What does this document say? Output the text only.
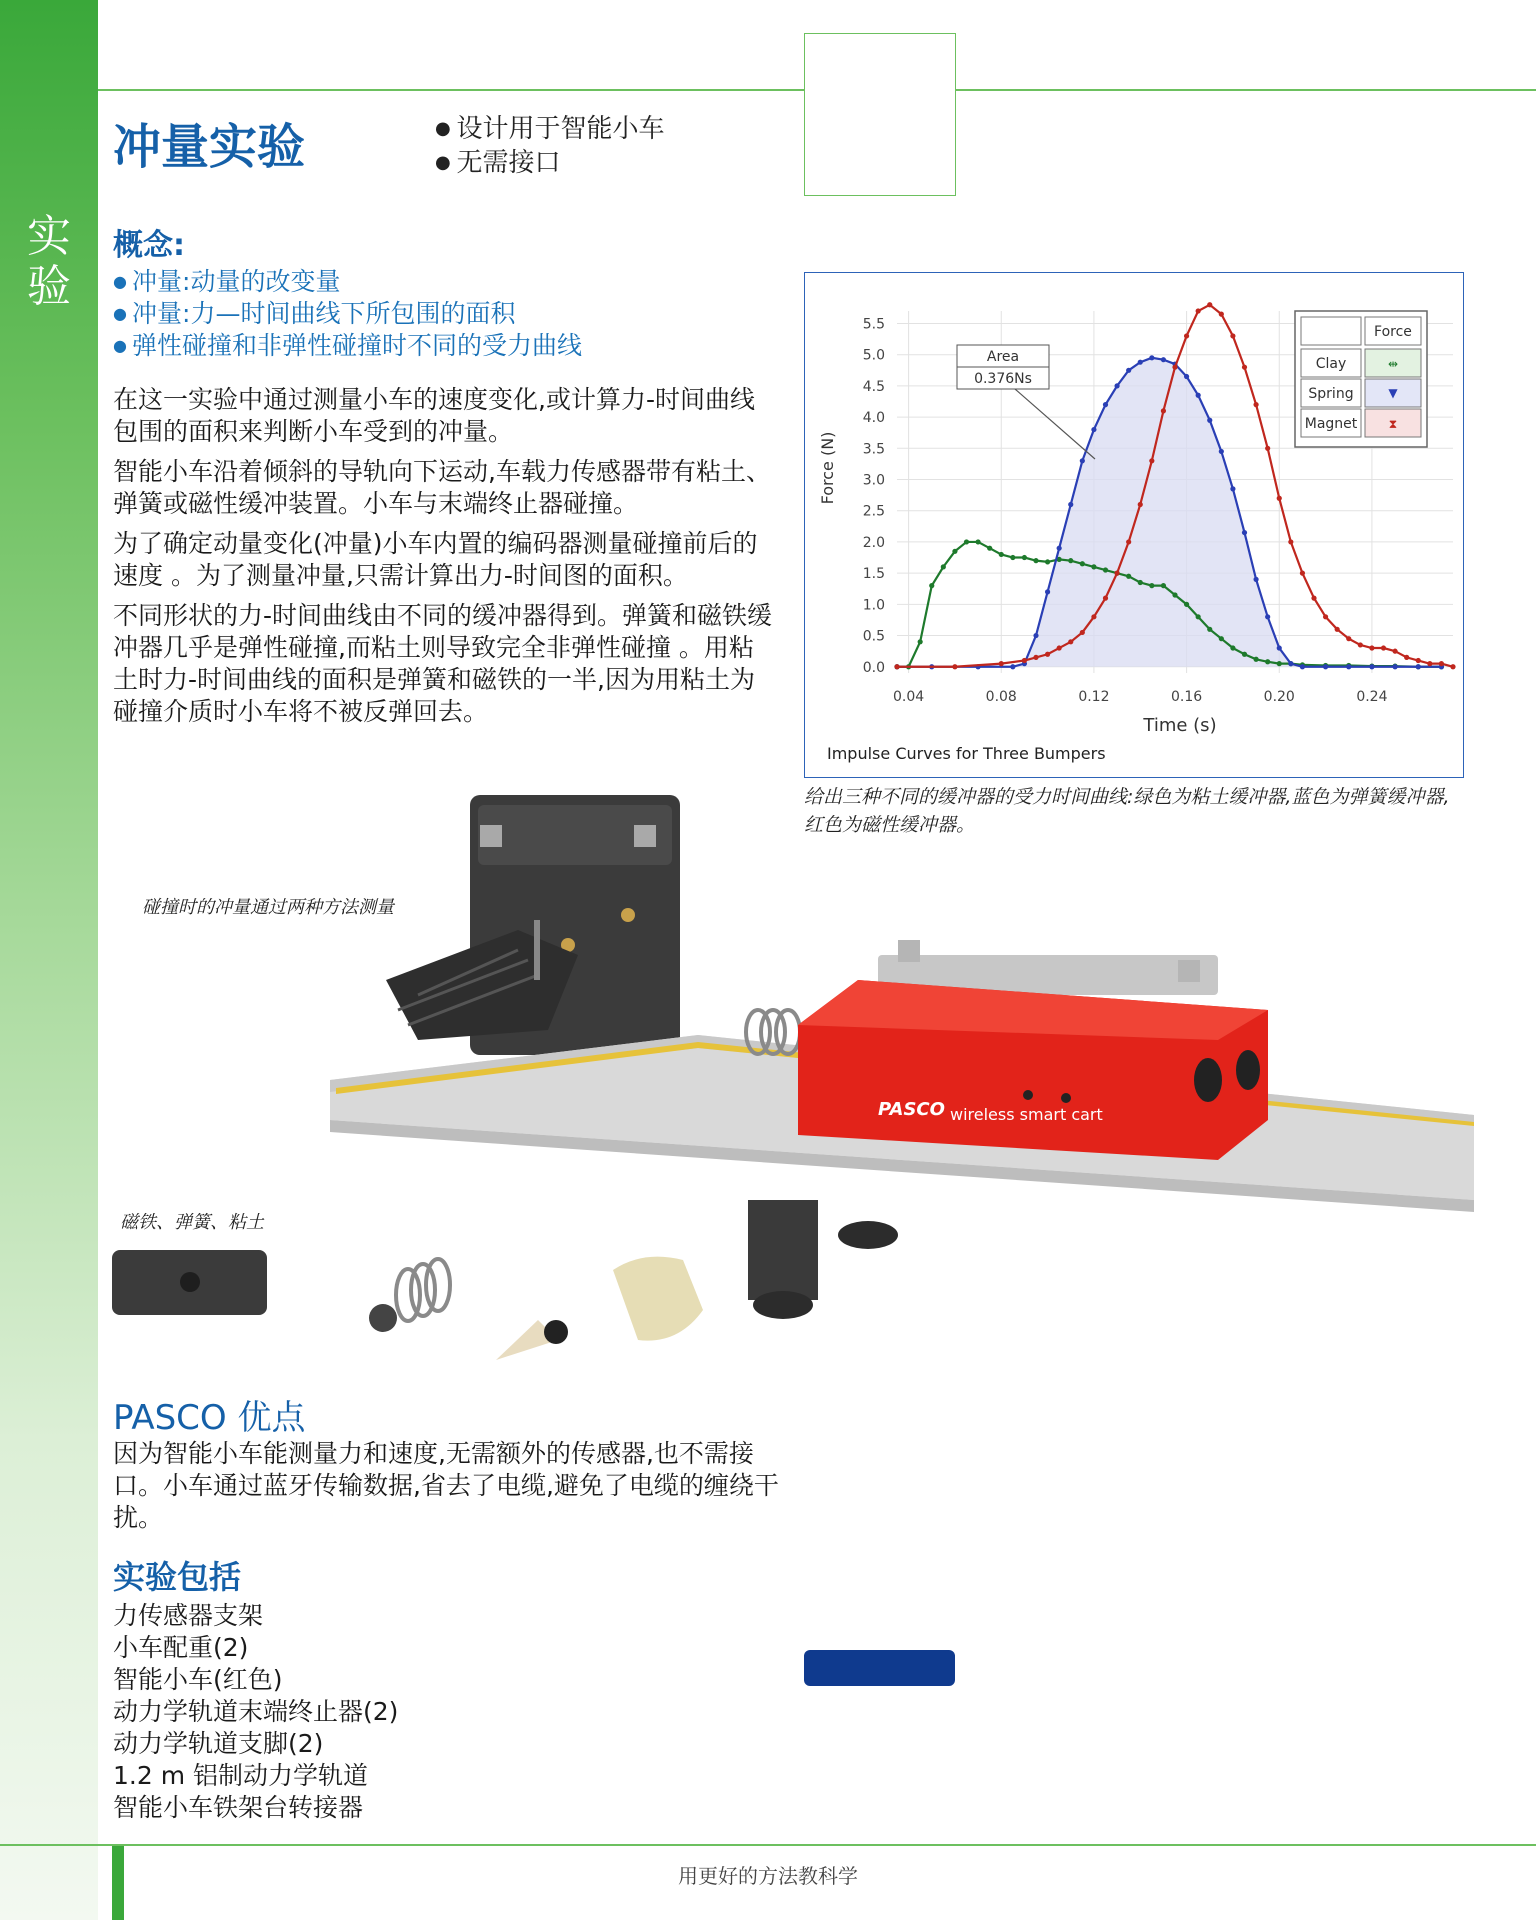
实验
冲量实验
●	设计用于智能小车
● 无需接口
概念:
● 冲量:动量的改变量
● 冲量:力—时间曲线下所包围的面积
● 弹性碰撞和非弹性碰撞时不同的受力曲线

在这一实验中通过测量小车的速度变化,或计算力-时间曲线包围的面积来判断小车受到的冲量。

智能小车沿着倾斜的导轨向下运动,车载力传感器带有粘土、弹簧或磁性缓冲装置。小车与末端终止器碰撞。

为了确定动量变化(冲量)小车内置的编码器测量碰撞前后的速度 。为了测量冲量,只需计算出力-时间图的面积。

不同形状的力-时间曲线由不同的缓冲器得到。弹簧和磁铁缓冲器几乎是弹性碰撞,而粘土则导致完全非弹性碰撞 。用粘土时力-时间曲线的面积是弹簧和磁铁的一半,因为用粘土为碰撞介质时小车将不被反弹回去。

0.0
0.5
1.0
1.5
2.0
2.5
3.0
3.5
4.0
4.5
5.0
5.5
0.04	0.08	0.12	0.16	0.20	0.24
Force (N)
Time (s)
Impulse Curves for Three Bumpers
Area
0.376Ns
Force
Clay	⇹
Spring	▼
Magnet	⧗
给出三种不同的缓冲器的受力时间曲线:绿色为粘土缓冲器,蓝色为弹簧缓冲器,红色为磁性缓冲器。
碰撞时的冲量通过两种方法测量
磁铁、弹簧、粘土
PASCO wireless smart cart
PASCO 优点
因为智能小车能测量力和速度,无需额外的传感器,也不需接口。小车通过蓝牙传输数据,省去了电缆,避免了电缆的缠绕干扰。
实验包括
力传感器支架
小车配重(2)
智能小车(红色)
动力学轨道末端终止器(2)
动力学轨道支脚(2)
1.2 m 铝制动力学轨道
智能小车铁架台转接器
用更好的方法教科学
